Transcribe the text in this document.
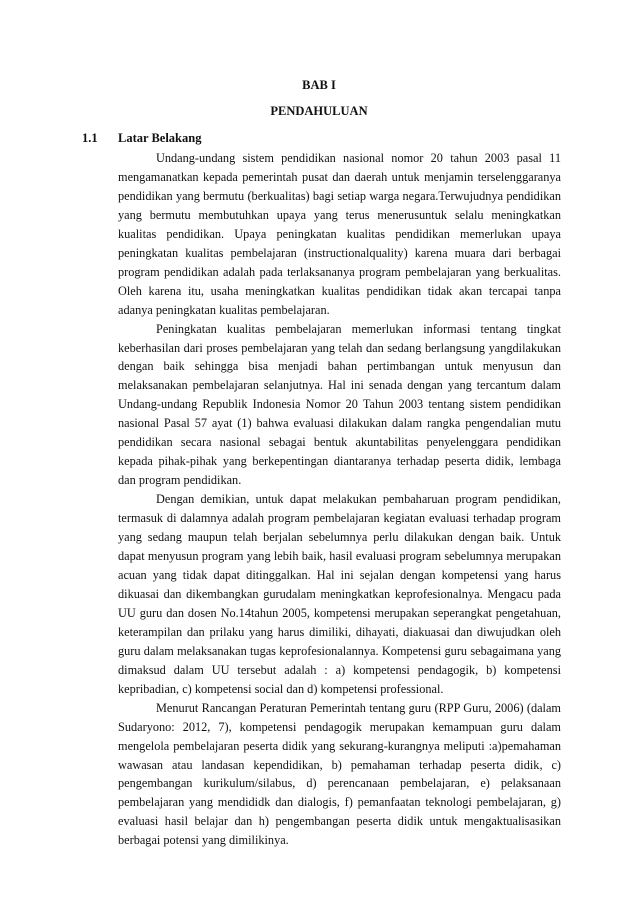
BAB I
PENDAHULUAN
1.1 Latar Belakang

Undang-undang sistem pendidikan nasional nomor 20 tahun 2003 pasal 11 mengamanatkan kepada pemerintah pusat dan daerah untuk menjamin terselenggaranya pendidikan yang bermutu (berkualitas) bagi setiap warga negara.Terwujudnya pendidikan yang bermutu membutuhkan upaya yang terus menerusuntuk selalu meningkatkan kualitas pendidikan. Upaya peningkatan kualitas pendidikan memerlukan upaya peningkatan kualitas pembelajaran (instructionalquality) karena muara dari berbagai program pendidikan adalah pada terlaksananya program pembelajaran yang berkualitas. Oleh karena itu, usaha meningkatkan kualitas pendidikan tidak akan tercapai tanpa adanya peningkatan kualitas pembelajaran.

Peningkatan kualitas pembelajaran memerlukan informasi tentang tingkat keberhasilan dari proses pembelajaran yang telah dan sedang berlangsung yangdilakukan dengan baik sehingga bisa menjadi bahan pertimbangan untuk menyusun dan melaksanakan pembelajaran selanjutnya. Hal ini senada dengan yang tercantum dalam Undang-undang Republik Indonesia Nomor 20 Tahun 2003 tentang sistem pendidikan nasional Pasal 57 ayat (1) bahwa evaluasi dilakukan dalam rangka pengendalian mutu pendidikan secara nasional sebagai bentuk akuntabilitas penyelenggara pendidikan kepada pihak-pihak yang berkepentingan diantaranya terhadap peserta didik, lembaga dan program pendidikan.

Dengan demikian, untuk dapat melakukan pembaharuan program pendidikan, termasuk di dalamnya adalah program pembelajaran kegiatan evaluasi terhadap program yang sedang maupun telah berjalan sebelumnya perlu dilakukan dengan baik. Untuk dapat menyusun program yang lebih baik, hasil evaluasi program sebelumnya merupakan acuan yang tidak dapat ditinggalkan. Hal ini sejalan dengan kompetensi yang harus dikuasai dan dikembangkan gurudalam meningkatkan keprofesionalnya. Mengacu pada UU guru dan dosen No.14tahun 2005, kompetensi merupakan seperangkat pengetahuan, keterampilan dan prilaku yang harus dimiliki, dihayati, diakuasai dan diwujudkan oleh guru dalam melaksanakan tugas keprofesionalannya. Kompetensi guru sebagaimana yang dimaksud dalam UU tersebut adalah : a) kompetensi pendagogik, b) kompetensi kepribadian, c) kompetensi social dan d) kompetensi professional.

Menurut Rancangan Peraturan Pemerintah tentang guru (RPP Guru, 2006) (dalam Sudaryono: 2012, 7), kompetensi pendagogik merupakan kemampuan guru dalam mengelola pembelajaran peserta didik yang sekurang-kurangnya meliputi :a)pemahaman wawasan atau landasan kependidikan, b) pemahaman terhadap peserta didik, c) pengembangan kurikulum/silabus, d) perencanaan pembelajaran, e) pelaksanaan pembelajaran yang mendididk dan dialogis, f) pemanfaatan teknologi pembelajaran, g) evaluasi hasil belajar dan h) pengembangan peserta didik untuk mengaktualisasikan berbagai potensi yang dimilikinya.
